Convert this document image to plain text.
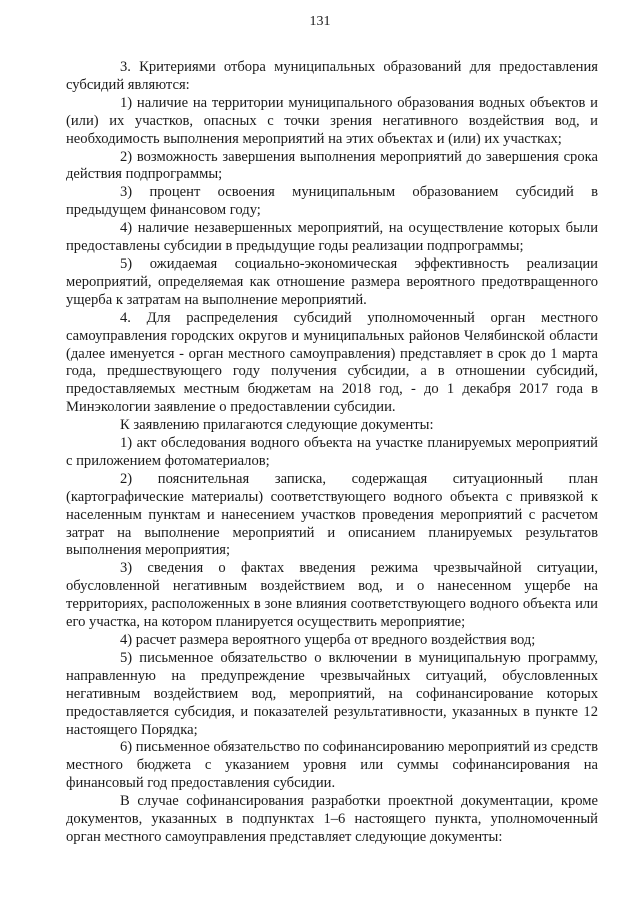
131

3. Критериями отбора муниципальных образований для предоставления субсидий являются:

1) наличие на территории муниципального образования водных объектов и (или) их участков, опасных с точки зрения негативного воздействия вод, и необходимость выполнения мероприятий на этих объектах и (или) их участках;

2) возможность завершения выполнения мероприятий до завершения срока действия подпрограммы;

3) процент освоения муниципальным образованием субсидий в предыдущем финансовом году;

4) наличие незавершенных мероприятий, на осуществление которых были предоставлены субсидии в предыдущие годы реализации подпрограммы;

5) ожидаемая социально-экономическая эффективность реализации мероприятий, определяемая как отношение размера вероятного предотвращенного ущерба к затратам на выполнение мероприятий.

4. Для распределения субсидий уполномоченный орган местного самоуправления городских округов и муниципальных районов Челябинской области (далее именуется - орган местного самоуправления) представляет в срок до 1 марта года, предшествующего году получения субсидии, а в отношении субсидий, предоставляемых местным бюджетам на 2018 год, - до 1 декабря 2017 года в Минэкологии заявление о предоставлении субсидии.

К заявлению прилагаются следующие документы:

1) акт обследования водного объекта на участке планируемых мероприятий с приложением фотоматериалов;

2) пояснительная записка, содержащая ситуационный план (картографические материалы) соответствующего водного объекта с привязкой к населенным пунктам и нанесением участков проведения мероприятий с расчетом затрат на выполнение мероприятий и описанием планируемых результатов выполнения мероприятия;

3) сведения о фактах введения режима чрезвычайной ситуации, обусловленной негативным воздействием вод, и о нанесенном ущербе на территориях, расположенных в зоне влияния соответствующего водного объекта или его участка, на котором планируется осуществить мероприятие;

4) расчет размера вероятного ущерба от вредного воздействия вод;

5) письменное обязательство о включении в муниципальную программу, направленную на предупреждение чрезвычайных ситуаций, обусловленных негативным воздействием вод, мероприятий, на софинансирование которых предоставляется субсидия, и показателей результативности, указанных в пункте 12 настоящего Порядка;

6) письменное обязательство по софинансированию мероприятий из средств местного бюджета с указанием уровня или суммы софинансирования на финансовый год предоставления субсидии.

В случае софинансирования разработки проектной документации, кроме документов, указанных в подпунктах 1–6 настоящего пункта, уполномоченный орган местного самоуправления представляет следующие документы:
